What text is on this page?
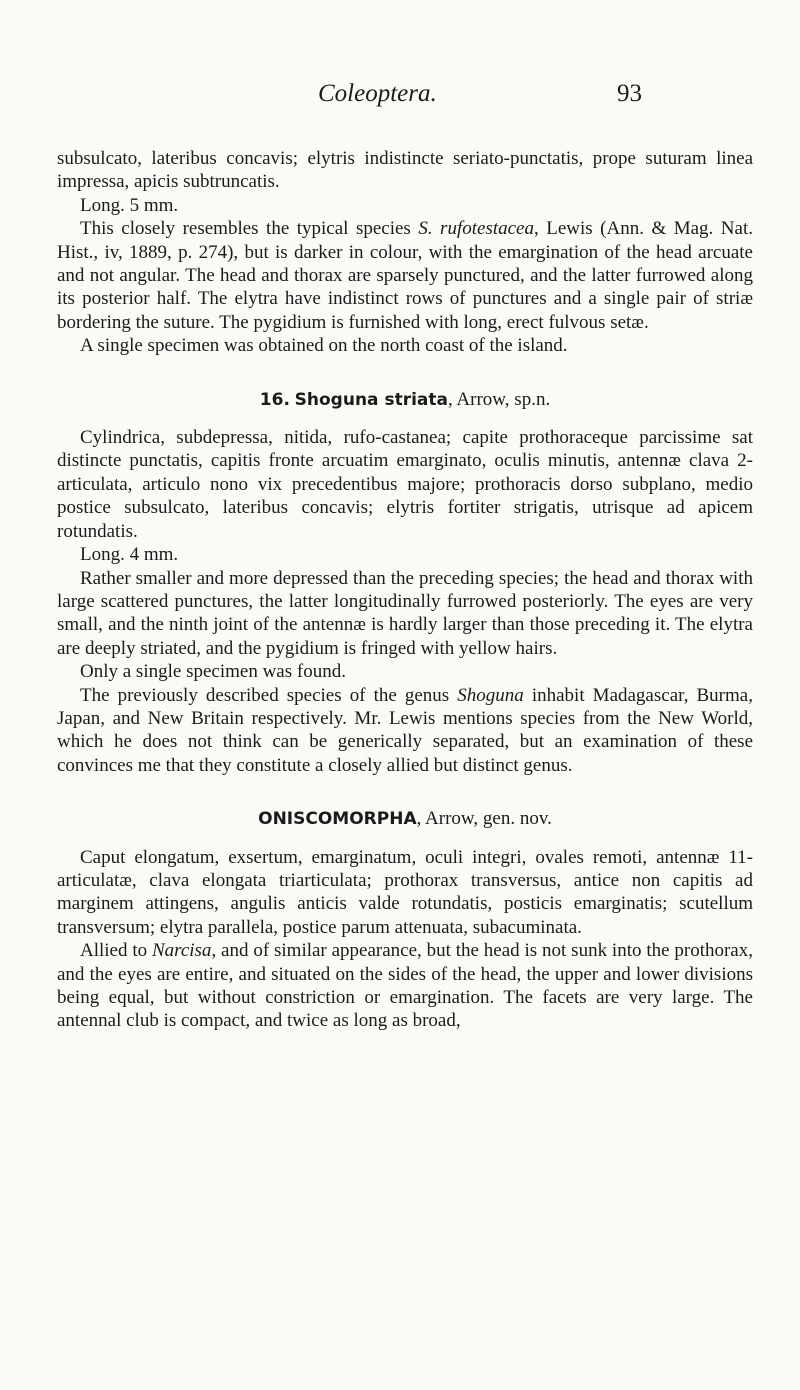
Coleoptera.	93

subsulcato, lateribus concavis; elytris indistincte seriato-punctatis, prope suturam linea impressa, apicis subtruncatis.

Long. 5 mm.

This closely resembles the typical species S. rufotestacea, Lewis (Ann. & Mag. Nat. Hist., iv, 1889, p. 274), but is darker in colour, with the emargination of the head arcuate and not angular. The head and thorax are sparsely punctured, and the latter furrowed along its posterior half. The elytra have indistinct rows of punctures and a single pair of striæ bordering the suture. The pygidium is furnished with long, erect fulvous setæ.

A single specimen was obtained on the north coast of the island.

16. Shoguna striata, Arrow, sp.n.

Cylindrica, subdepressa, nitida, rufo-castanea; capite prothoraceque parcissime sat distincte punctatis, capitis fronte arcuatim emarginato, oculis minutis, antennæ clava 2-articulata, articulo nono vix precedentibus majore; prothoracis dorso subplano, medio postice subsulcato, lateribus concavis; elytris fortiter strigatis, utrisque ad apicem rotundatis.

Long. 4 mm.

Rather smaller and more depressed than the preceding species; the head and thorax with large scattered punctures, the latter longitudinally furrowed posteriorly. The eyes are very small, and the ninth joint of the antennæ is hardly larger than those preceding it. The elytra are deeply striated, and the pygidium is fringed with yellow hairs.

Only a single specimen was found.

The previously described species of the genus Shoguna inhabit Madagascar, Burma, Japan, and New Britain respectively. Mr. Lewis mentions species from the New World, which he does not think can be generically separated, but an examination of these convinces me that they constitute a closely allied but distinct genus.

ONISCOMORPHA, Arrow, gen. nov.

Caput elongatum, exsertum, emarginatum, oculi integri, ovales remoti, antennæ 11-articulatæ, clava elongata triarticulata; prothorax transversus, antice non capitis ad marginem attingens, angulis anticis valde rotundatis, posticis emarginatis; scutellum transversum; elytra parallela, postice parum attenuata, subacuminata.

Allied to Narcisa, and of similar appearance, but the head is not sunk into the prothorax, and the eyes are entire, and situated on the sides of the head, the upper and lower divisions being equal, but without constriction or emargination. The facets are very large. The antennal club is compact, and twice as long as broad,
